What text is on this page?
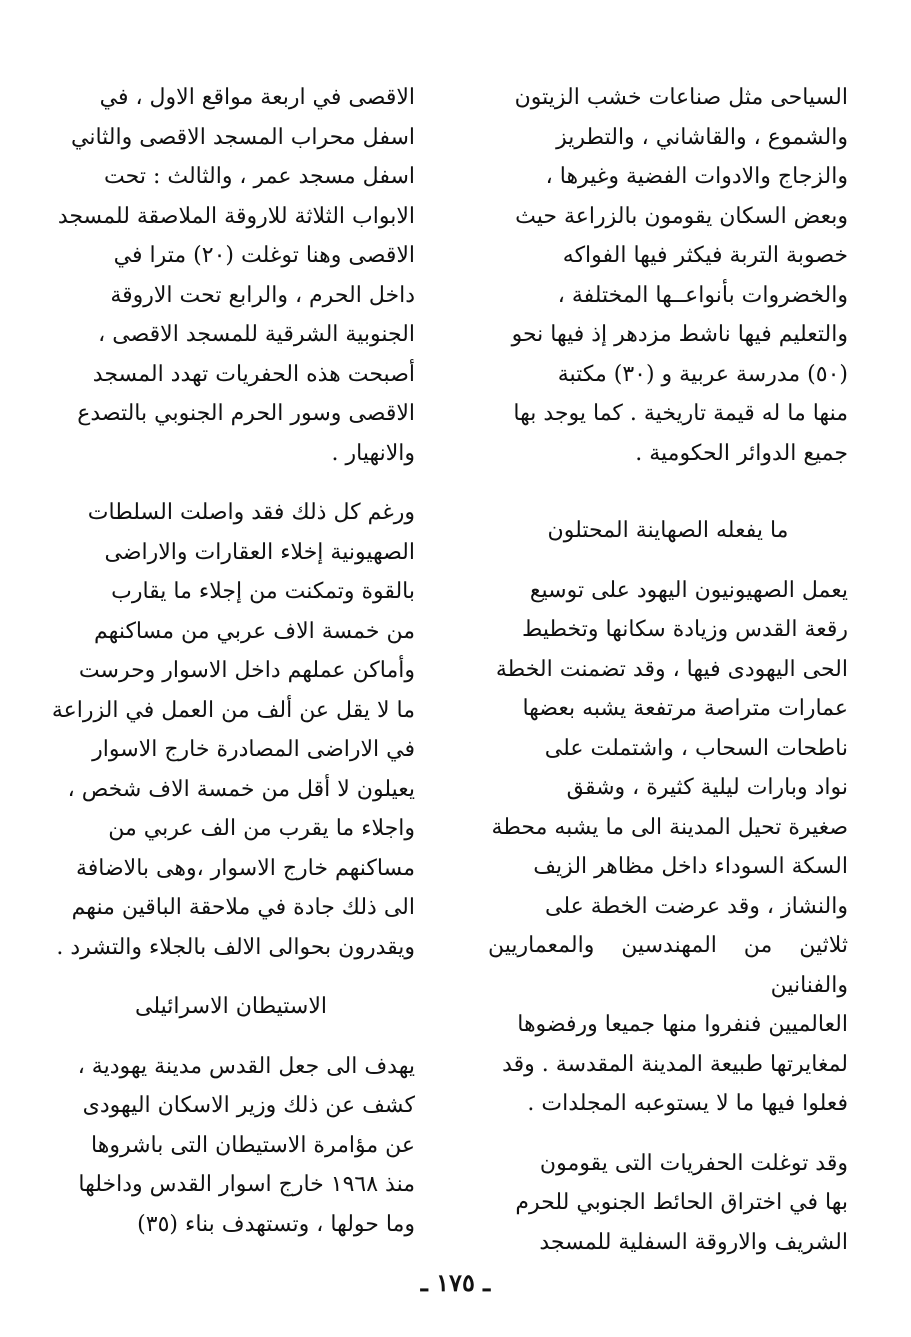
السياحى مثل صناعات خشب الزيتون
والشموع ، والقاشاني ، والتطريز
والزجاج والادوات الفضية وغيرها ،
وبعض السكان يقومون بالزراعة حيث
خصوبة التربة فيكثر فيها الفواكه
والخضروات بأنواعــها المختلفة ،
والتعليم فيها ناشط مزدهر إذ فيها نحو
(٥٠) مدرسة عربية و (٣٠) مكتبة
منها ما له قيمة تاريخية . كما يوجد بها
جميع الدوائر الحكومية .

ما يفعله الصهاينة المحتلون

يعمل الصهيونيون اليهود على توسيع
رقعة القدس وزيادة سكانها وتخطيط
الحى اليهودى فيها ، وقد تضمنت الخطة
عمارات متراصة مرتفعة يشبه بعضها
ناطحات السحاب ، واشتملت على
نواد وبارات ليلية كثيرة ، وشقق
صغيرة تحيل المدينة الى ما يشبه محطة
السكة السوداء داخل مظاهر الزيف
والنشاز ، وقد عرضت الخطة على
ثلاثين من المهندسين والمعماريين والفنانين
العالميين فنفروا منها جميعا ورفضوها
لمغايرتها طبيعة المدينة المقدسة . وقد
فعلوا فيها ما لا يستوعبه المجلدات .

وقد توغلت الحفريات التى يقومون
بها في اختراق الحائط الجنوبي للحرم
الشريف والاروقة السفلية للمسجد

الاقصى في اربعة مواقع الاول ، في
اسفل محراب المسجد الاقصى والثاني
اسفل مسجد عمر ، والثالث : تحت
الابواب الثلاثة للاروقة الملاصقة للمسجد
الاقصى وهنا توغلت (٢٠) مترا في
داخل الحرم ، والرابع تحت الاروقة
الجنوبية الشرقية للمسجد الاقصى ،
أصبحت هذه الحفريات تهدد المسجد
الاقصى وسور الحرم الجنوبي بالتصدع
والانهيار .

ورغم كل ذلك فقد واصلت السلطات
الصهيونية إخلاء العقارات والاراضى
بالقوة وتمكنت من إجلاء ما يقارب
من خمسة الاف عربي من مساكنهم
وأماكن عملهم داخل الاسوار وحرست
ما لا يقل عن ألف من العمل في الزراعة
في الاراضى المصادرة خارج الاسوار
يعيلون لا أقل من خمسة الاف شخص ،
واجلاء ما يقرب من الف عربي من
مساكنهم خارج الاسوار ،وهى بالاضافة
الى ذلك جادة في ملاحقة الباقين منهم
ويقدرون بحوالى الالف بالجلاء والتشرد .

الاستيطان الاسرائيلى

يهدف الى جعل القدس مدينة يهودية ،
كشف عن ذلك وزير الاسكان اليهودى
عن مؤامرة الاستيطان التى باشروها
منذ ١٩٦٨ خارج اسوار القدس وداخلها
وما حولها ، وتستهدف بناء (٣٥)

ـ ١٧٥ ـ
